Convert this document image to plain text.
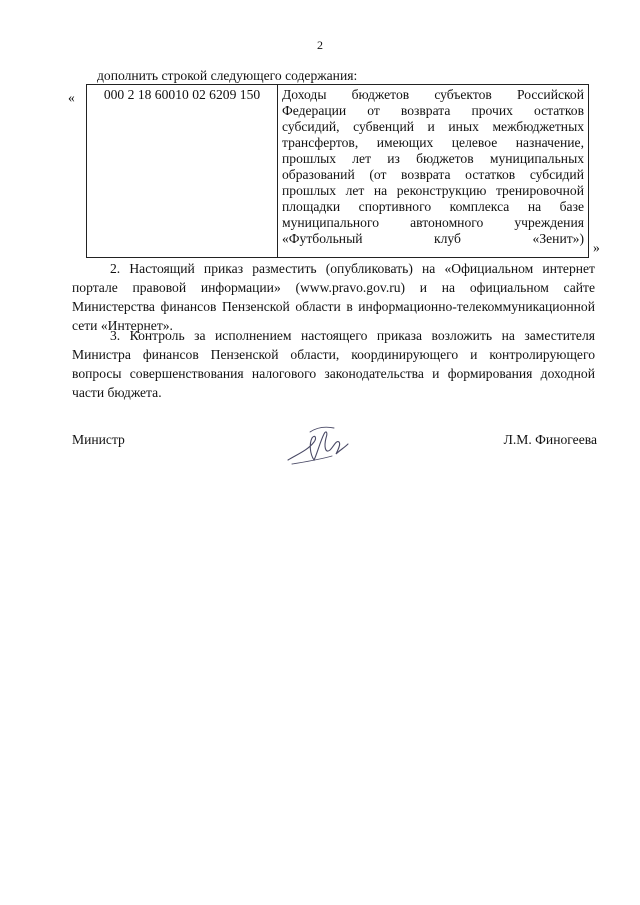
2
дополнить строкой следующего содержания:
« 000 2 18 60010 02 6209 150	Доходы бюджетов субъектов Российской
Федерации от возврата прочих остатков
субсидий, субвенций и иных межбюджетных
трансфертов, имеющих целевое назначение,
прошлых лет из бюджетов муниципальных
образований (от возврата остатков субсидий
прошлых лет на реконструкцию тренировочной
площадки спортивного комплекса на базе
муниципального автономного учреждения
«Футбольный клуб «Зенит»)
»
2. Настоящий приказ разместить (опубликовать) на «Официальном интернет портале правовой информации» (www.pravo.gov.ru) и на официальном сайте Министерства финансов Пензенской области в информационно-телекоммуникационной сети «Интернет».
3. Контроль за исполнением настоящего приказа возложить на заместителя Министра финансов Пензенской области, координирующего и контролирующего вопросы совершенствования налогового законодательства и формирования доходной части бюджета.
Министр	Л.М. Финогеева
